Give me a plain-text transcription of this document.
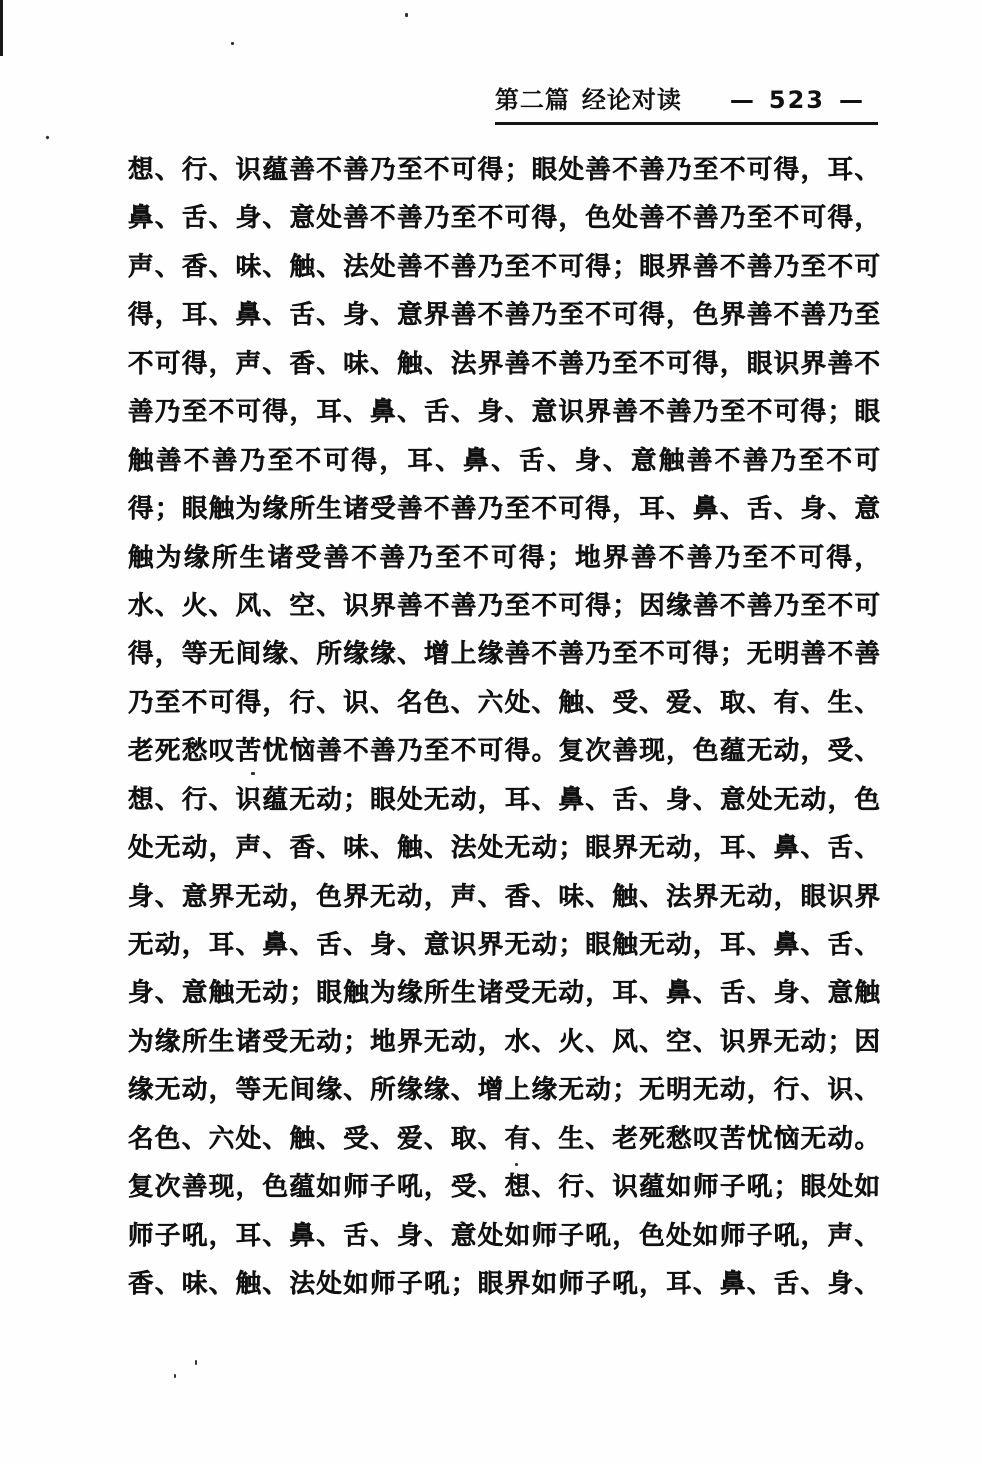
第二篇 经论对读 — 523 —
想、行、识蕴善不善乃至不可得；眼处善不善乃至不可得，耳、
鼻、舌、身、意处善不善乃至不可得，色处善不善乃至不可得，
声、香、味、触、法处善不善乃至不可得；眼界善不善乃至不可
得，耳、鼻、舌、身、意界善不善乃至不可得，色界善不善乃至
不可得，声、香、味、触、法界善不善乃至不可得，眼识界善不
善乃至不可得，耳、鼻、舌、身、意识界善不善乃至不可得；眼
触善不善乃至不可得，耳、鼻、舌、身、意触善不善乃至不可
得；眼触为缘所生诸受善不善乃至不可得，耳、鼻、舌、身、意
触为缘所生诸受善不善乃至不可得；地界善不善乃至不可得，
水、火、风、空、识界善不善乃至不可得；因缘善不善乃至不可
得，等无间缘、所缘缘、增上缘善不善乃至不可得；无明善不善
乃至不可得，行、识、名色、六处、触、受、爱、取、有、生、
老死愁叹苦忧恼善不善乃至不可得。复次善现，色蕴无动，受、
想、行、识蕴无动；眼处无动，耳、鼻、舌、身、意处无动，色
处无动，声、香、味、触、法处无动；眼界无动，耳、鼻、舌、
身、意界无动，色界无动，声、香、味、触、法界无动，眼识界
无动，耳、鼻、舌、身、意识界无动；眼触无动，耳、鼻、舌、
身、意触无动；眼触为缘所生诸受无动，耳、鼻、舌、身、意触
为缘所生诸受无动；地界无动，水、火、风、空、识界无动；因
缘无动，等无间缘、所缘缘、增上缘无动；无明无动，行、识、
名色、六处、触、受、爱、取、有、生、老死愁叹苦忧恼无动。
复次善现，色蕴如师子吼，受、想、行、识蕴如师子吼；眼处如
师子吼，耳、鼻、舌、身、意处如师子吼，色处如师子吼，声、
香、味、触、法处如师子吼；眼界如师子吼，耳、鼻、舌、身、
